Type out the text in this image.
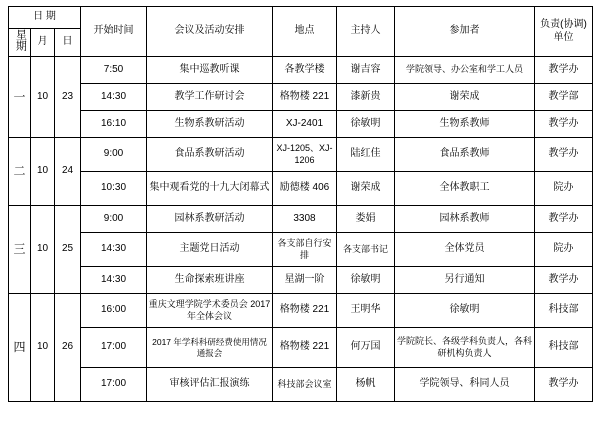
日 期			开始时间	会议及活动安排	地点	主持人	参加者	负责(协调)
单位

星期	月	日						
一	10	23	7:50	集中巡教听课	各教学楼	谢吉容	学院领导、办公室和学工人员	教学办
			14:30	教学工作研讨会	格物楼 221	漆新贵	谢荣成	教学部
			16:10	生物系教研活动	XJ-2401	徐敏明	生物系教师	教学办
二	10	24	9:00	食品系教研活动	XJ-1205、XJ-1206	陆红佳	食品系教师	教学办
			10:30	集中观看党的十九大闭幕式	励德楼 406	谢荣成	全体教职工	院办
三	10	25	9:00	园林系教研活动	3308	娄娟	园林系教师	教学办
			14:30	主题党日活动	各支部自行安排	各支部书记	全体党员	院办
			14:30	生命探索班讲座	星湖一阶	徐敏明	另行通知	教学办
四	10	26	16:00	重庆文理学院学术委员会 2017 年全体会议	格物楼 221	王明华	徐敏明	科技部
			17:00	2017 年学科科研经费使用情况通报会	格物楼 221	何万国	学院院长、各级学科负责人，各科研机构负责人	科技部
			17:00	审核评估汇报演练	科技部会议室	杨帆	学院领导、科同人员	教学办
